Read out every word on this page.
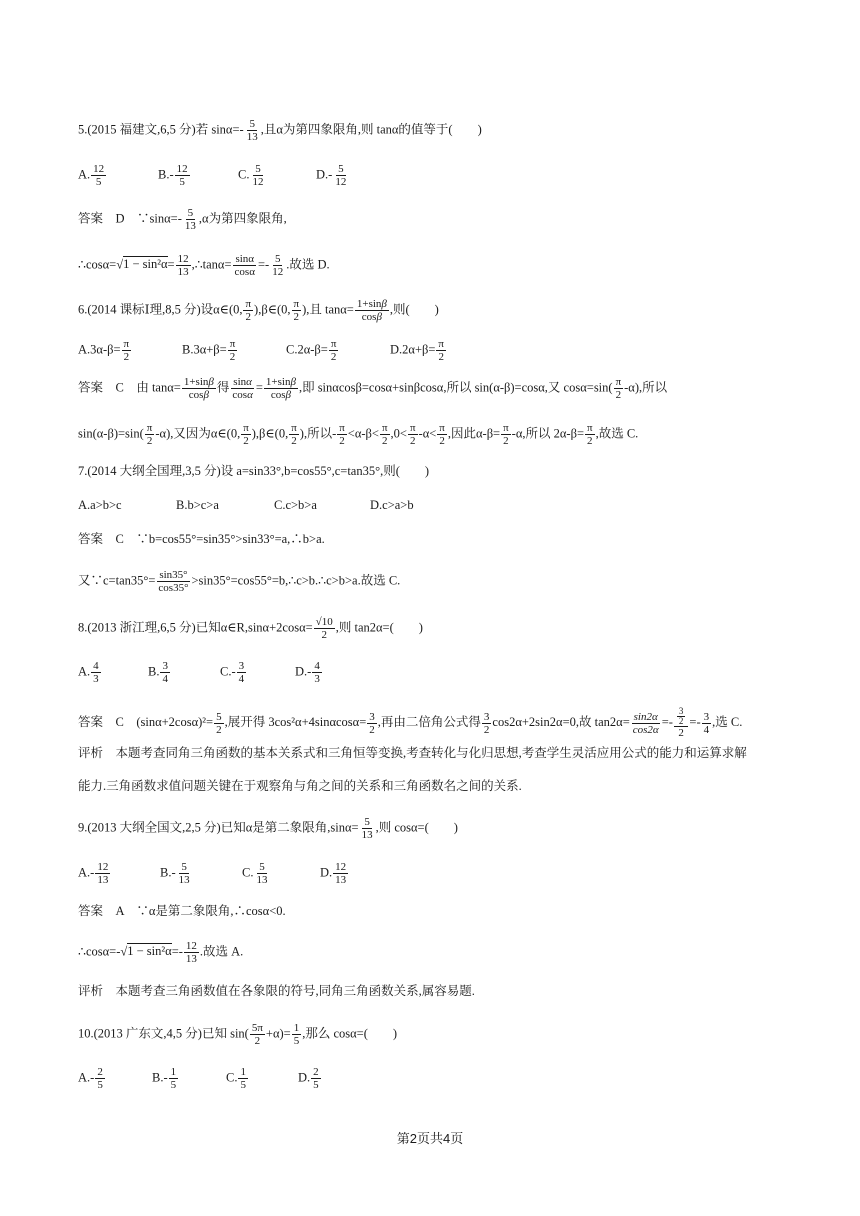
5.(2015 福建文,6,5 分)若 $\sin\alpha=- \frac{5}{13}$ ,且α为第四象限角,则 tanα的值等于(　　)
A. $\frac{12}{5}$	$B.- \frac{12}{5}$	C. $\frac{5}{12}$	$D.- \frac{5}{12}$
答案　D　∵sinα=- $\frac{5}{13} ,\alpha$为第四象限角,
∴cosα=√1 − $\sin^2\alpha= \frac{12}{13}$ ,∴tanα= $\frac{\sin\alpha}{\cos\alpha} =- \frac{5}{12}$ .故选 D.
6.(2014 课标Ⅰ理,8,5 分)设α∈(0, $\frac{\pi}{2}$ ),β∈(0, $\frac{\pi}{2}$ ),且 $\tan\alpha= \frac{1+\sin\beta}{\cos\beta}$ ,则(　　)
$A.3\alpha-\beta= \frac{\pi}{2}$	$B.3\alpha+\beta= \frac{\pi}{2}$	$C.2\alpha-\beta= \frac{\pi}{2}$	$D.2\alpha+\beta= \frac{\pi}{2}$
答案　C　由 $\tan\alpha= \frac{1+\sin\beta}{\cos\beta}$ 得 $\frac{\sin\alpha}{\cos\alpha} = \frac{1+\sin\beta}{\cos\beta}$ ,即 sinαcosβ=cosα+sinβcosα,所以 sin(α-β)=cosα,又 $\cos\alpha=\sin( \frac{\pi}{2} -\alpha)$,所以
$\sin(\alpha-\beta)=\sin( \frac{\pi}{2} -\alpha)$,又因为α∈(0, $\frac{\pi}{2}$ ),β∈(0, $\frac{\pi}{2}$ ),所以- $\frac{\pi}{2} <\alpha-\beta< \frac{\pi}{2} ,0< \frac{\pi}{2} -\alpha< \frac{\pi}{2}$ ,因此$\alpha-\beta= \frac{\pi}{2} -\alpha$,所以 $2\alpha-\beta= \frac{\pi}{2}$ ,故选 C.
7.(2014 大纲全国理,3,5 分)设 a=sin33°,b=cos55°,c=tan35°,则(　　)
A.a>b>c	B.b>c>a	C.c>b>a	D.c>a>b
答案　C　∵b=cos55°=sin35°>sin33°=a,∴b>a.
又∵c=tan35°= $\frac{\sin 35^\circ}{\cos 35^\circ}$ >sin35°=cos55°=b,∴c>b.∴c>b>a.故选 C.
8.(2013 浙江理,6,5 分)已知α∈R,sinα+2cosα= $\frac{√10}{2}$ ,则 tan2α=(　　)
A. $\frac{4}{3}$	B. $\frac{3}{4}$	$C.- \frac{3}{4}$	$D.- \frac{4}{3}$
答案　C　$(\sin\alpha+2\cos\alpha)^2= \frac{5}{2}$ ,展开得 $3\cos^2\alpha+4\sin\alpha\cos\alpha= \frac{3}{2}$ ,再由二倍角公式得 $\frac{3}{2} \cos 2\alpha+2\sin 2\alpha=0$,故 $\tan 2\alpha= \frac{\sin 2\alpha}{\cos 2\alpha} =- \frac{\frac{3}{2}}{2} =- \frac{3}{4}$ ,选 C.
评析　本题考查同角三角函数的基本关系式和三角恒等变换,考查转化与化归思想,考查学生灵活应用公式的能力和运算求解
能力.三角函数求值问题关键在于观察角与角之间的关系和三角函数名之间的关系.
9.(2013 大纲全国文,2,5 分)已知α是第二象限角$,\sin\alpha= \frac{5}{13}$ ,则 cosα=(　　)
$A.- \frac{12}{13}$	$B.- \frac{5}{13}$	C. $\frac{5}{13}$	D. $\frac{12}{13}$
答案　A　∵α是第二象限角,∴cosα<0.
∴cosα=-√1 − $\sin^2\alpha=- \frac{12}{13}$ .故选 A.
评析　本题考查三角函数值在各象限的符号,同角三角函数关系,属容易题.
10.(2013 广东文,4,5 分)已知 $\sin( \frac{5\pi}{2} +\alpha)= \frac{1}{5}$ ,那么 cosα=(　　)
$A.- \frac{2}{5}$	$B.- \frac{1}{5}$	C. $\frac{1}{5}$	D. $\frac{2}{5}$
第2页共4页
